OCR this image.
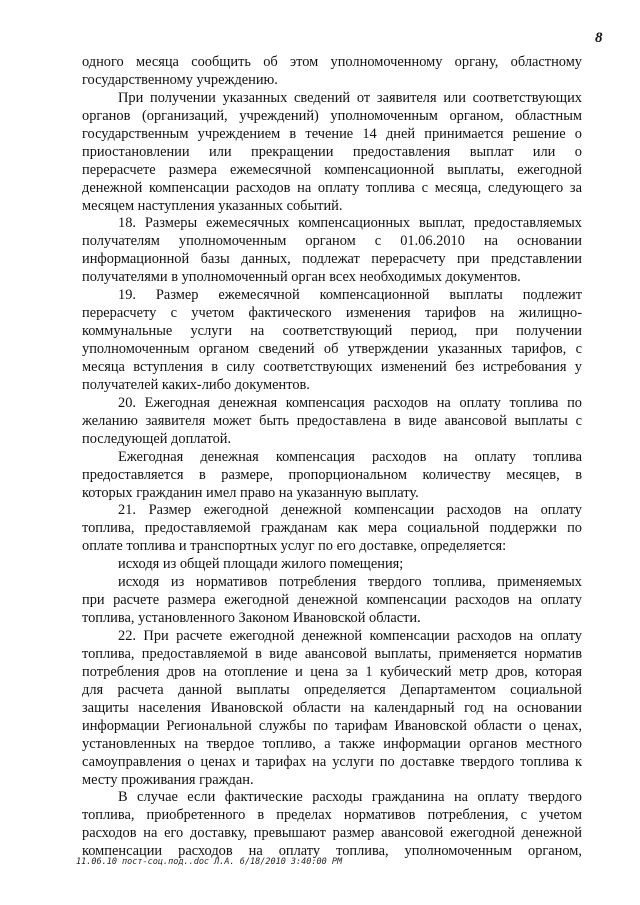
8
одного месяца сообщить об этом уполномоченному органу, областному
государственному учреждению.
При получении указанных сведений от заявителя или соответствующих
органов (организаций, учреждений) уполномоченным органом, областным
государственным учреждением в течение 14 дней принимается решение о
приостановлении или прекращении предоставления выплат или о
перерасчете размера ежемесячной компенсационной выплаты, ежегодной
денежной компенсации расходов на оплату топлива с месяца, следующего за
месяцем наступления указанных событий.
18. Размеры ежемесячных компенсационных выплат, предоставляемых
получателям уполномоченным органом с 01.06.2010 на основании
информационной базы данных, подлежат перерасчету при представлении
получателями в уполномоченный орган всех необходимых документов.
19. Размер ежемесячной компенсационной выплаты подлежит
перерасчету с учетом фактического изменения тарифов на жилищно-
коммунальные услуги на соответствующий период, при получении
уполномоченным органом сведений об утверждении указанных тарифов, с
месяца вступления в силу соответствующих изменений без истребования у
получателей каких-либо документов.
20. Ежегодная денежная компенсация расходов на оплату топлива по
желанию заявителя может быть предоставлена в виде авансовой выплаты с
последующей доплатой.
Ежегодная денежная компенсация расходов на оплату топлива
предоставляется в размере, пропорциональном количеству месяцев, в
которых гражданин имел право на указанную выплату.
21. Размер ежегодной денежной компенсации расходов на оплату
топлива, предоставляемой гражданам как мера социальной поддержки по
оплате топлива и транспортных услуг по его доставке, определяется:
исходя из общей площади жилого помещения;
исходя из нормативов потребления твердого топлива, применяемых
при расчете размера ежегодной денежной компенсации расходов на оплату
топлива, установленного Законом Ивановской области.
22. При расчете ежегодной денежной компенсации расходов на оплату
топлива, предоставляемой в виде авансовой выплаты, применяется норматив
потребления дров на отопление и цена за 1 кубический метр дров, которая
для расчета данной выплаты определяется Департаментом социальной
защиты населения Ивановской области на календарный год на основании
информации Региональной службы по тарифам Ивановской области о ценах,
установленных на твердое топливо, а также информации органов местного
самоуправления о ценах и тарифах на услуги по доставке твердого топлива к
месту проживания граждан.
В случае если фактические расходы гражданина на оплату твердого
топлива, приобретенного в пределах нормативов потребления, с учетом
расходов на его доставку, превышают размер авансовой ежегодной денежной
компенсации расходов на оплату топлива, уполномоченным органом,
11.06.10 пост-соц.под..doc Л.А. 6/18/2010 3:40:00 PM
